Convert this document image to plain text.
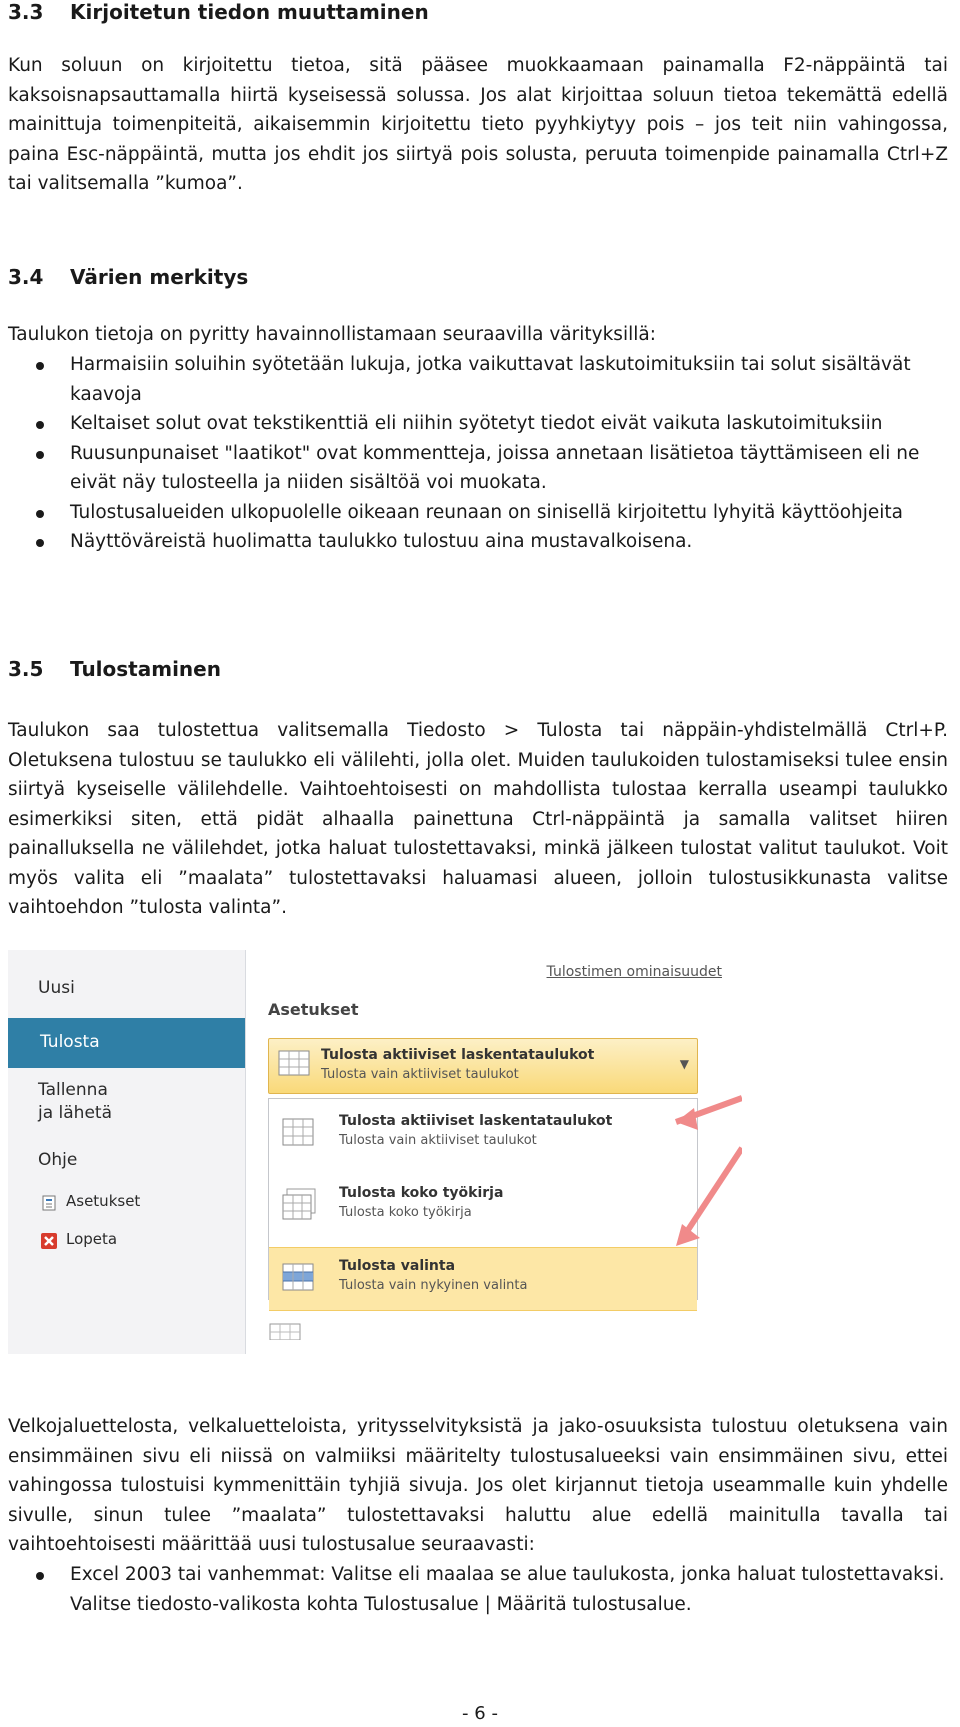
3.3 Kirjoitetun tiedon muuttaminen
Kun soluun on kirjoitettu tietoa, sitä pääsee muokkaamaan painamalla F2-näppäintä tai kaksoisnapsauttamalla hiirtä kyseisessä solussa. Jos alat kirjoittaa soluun tietoa tekemättä edellä mainittuja toimenpiteitä, aikaisemmin kirjoitettu tieto pyyhkiytyy pois – jos teit niin vahingossa, paina Esc-näppäintä, mutta jos ehdit jos siirtyä pois solusta, peruuta toimenpide painamalla Ctrl+Z tai valitsemalla ”kumoa”.
3.4 Värien merkitys
Taulukon tietoja on pyritty havainnollistamaan seuraavilla värityksillä:
Harmaisiin soluihin syötetään lukuja, jotka vaikuttavat laskutoimituksiin tai solut sisältävät kaavoja
Keltaiset solut ovat tekstikenttiä eli niihin syötetyt tiedot eivät vaikuta laskutoimituksiin
Ruusunpunaiset "laatikot" ovat kommentteja, joissa annetaan lisätietoa täyttämiseen eli ne eivät näy tulosteella ja niiden sisältöä voi muokata.
Tulostusalueiden ulkopuolelle oikeaan reunaan on sinisellä kirjoitettu lyhyitä käyttöohjeita
Näyttöväreistä huolimatta taulukko tulostuu aina mustavalkoisena.
3.5 Tulostaminen
Taulukon saa tulostettua valitsemalla Tiedosto > Tulosta tai näppäin-yhdistelmällä Ctrl+P. Oletuksena tulostuu se taulukko eli välilehti, jolla olet. Muiden taulukoiden tulostamiseksi tulee ensin siirtyä kyseiselle välilehdelle. Vaihtoehtoisesti on mahdollista tulostaa kerralla useampi taulukko esimerkiksi siten, että pidät alhaalla painettuna Ctrl-näppäintä ja samalla valitset hiiren painalluksella ne välilehdet, jotka haluat tulostettavaksi, minkä jälkeen tulostat valitut taulukot. Voit myös valita eli ”maalata” tulostettavaksi haluamasi alueen, jolloin tulostusikkunasta valitse vaihtoehdon ”tulosta valinta”.
Uusi
Tulosta
Tallenna
ja lähetä
Ohje
Asetukset
Lopeta
Tulostimen ominaisuudet
Asetukset
Tulosta aktiiviset laskentataulukot
Tulosta vain aktiiviset taulukot
▼
Tulosta aktiiviset laskentataulukot
Tulosta vain aktiiviset taulukot
Tulosta koko työkirja
Tulosta koko työkirja
Tulosta valinta
Tulosta vain nykyinen valinta
Velkojaluettelosta, velkaluetteloista, yritysselvityksistä ja jako-osuuksista tulostuu oletuksena vain ensimmäinen sivu eli niissä on valmiiksi määritelty tulostusalueeksi vain ensimmäinen sivu, ettei vahingossa tulostuisi kymmenittäin tyhjiä sivuja. Jos olet kirjannut tietoja useammalle kuin yhdelle sivulle, sinun tulee ”maalata” tulostettavaksi haluttu alue edellä mainitulla tavalla tai vaihtoehtoisesti määrittää uusi tulostusalue seuraavasti:
Excel 2003 tai vanhemmat: Valitse eli maalaa se alue taulukosta, jonka haluat tulostettavaksi. Valitse tiedosto-valikosta kohta Tulostusalue | Määritä tulostusalue.
- 6 -
